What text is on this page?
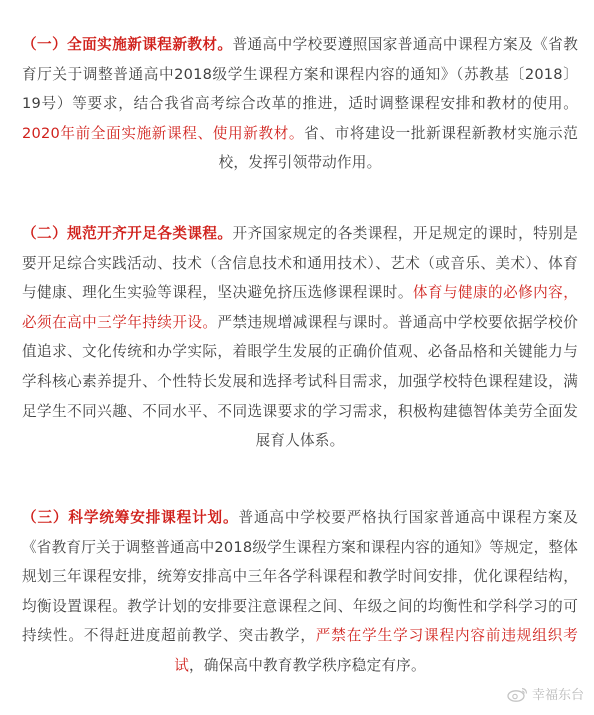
（一）全面实施新课程新教材。普通高中学校要遵照国家普通高中课程方案及《省教育厅关于调整普通高中2018级学生课程方案和课程内容的通知》（苏教基〔2018〕19号）等要求，结合我省高考综合改革的推进，适时调整课程安排和教材的使用。2020年前全面实施新课程、使用新教材。省、市将建设一批新课程新教材实施示范校，发挥引领带动作用。

（二）规范开齐开足各类课程。开齐国家规定的各类课程，开足规定的课时，特别是要开足综合实践活动、技术（含信息技术和通用技术）、艺术（或音乐、美术）、体育与健康、理化生实验等课程，坚决避免挤压选修课程课时。体育与健康的必修内容，必须在高中三学年持续开设。严禁违规增减课程与课时。普通高中学校要依据学校价值追求、文化传统和办学实际，着眼学生发展的正确价值观、必备品格和关键能力与学科核心素养提升、个性特长发展和选择考试科目需求，加强学校特色课程建设，满足学生不同兴趣、不同水平、不同选课要求的学习需求，积极构建德智体美劳全面发展育人体系。

（三）科学统筹安排课程计划。普通高中学校要严格执行国家普通高中课程方案及《省教育厅关于调整普通高中2018级学生课程方案和课程内容的通知》等规定，整体规划三年课程安排，统筹安排高中三年各学科课程和教学时间安排，优化课程结构，均衡设置课程。教学计划的安排要注意课程之间、年级之间的均衡性和学科学习的可持续性。不得赶进度超前教学、突击教学，严禁在学生学习课程内容前违规组织考试，确保高中教育教学秩序稳定有序。

幸福东台
